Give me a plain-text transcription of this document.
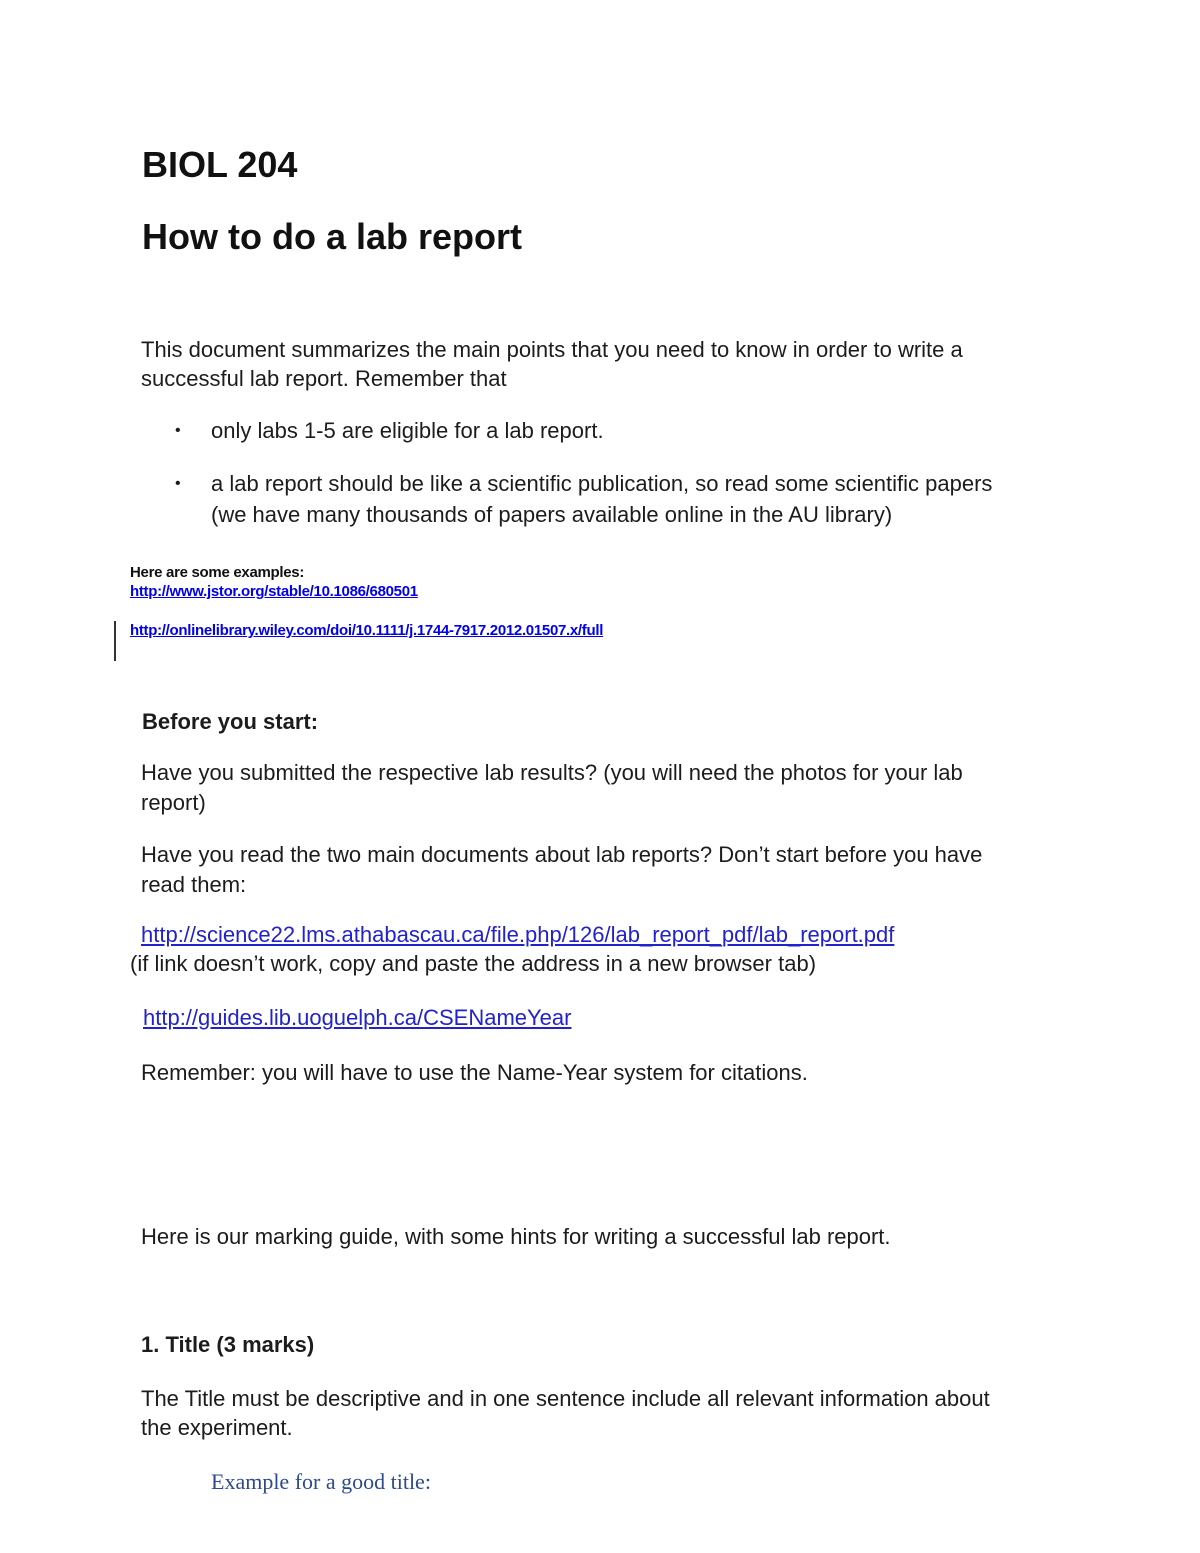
BIOL 204
How to do a lab report
This document summarizes the main points that you need to know in order to write a
successful lab report. Remember that
• only labs 1-5 are eligible for a lab report.
• a lab report should be like a scientific publication, so read some scientific papers
(we have many thousands of papers available online in the AU library)
Here are some examples:
http://www.jstor.org/stable/10.1086/680501
http://onlinelibrary.wiley.com/doi/10.1111/j.1744-7917.2012.01507.x/full
Before you start:
Have you submitted the respective lab results? (you will need the photos for your lab
report)
Have you read the two main documents about lab reports? Don’t start before you have
read them:
http://science22.lms.athabascau.ca/file.php/126/lab_report_pdf/lab_report.pdf
(if link doesn’t work, copy and paste the address in a new browser tab)
http://guides.lib.uoguelph.ca/CSENameYear
Remember: you will have to use the Name-Year system for citations.
Here is our marking guide, with some hints for writing a successful lab report.
1. Title (3 marks)
The Title must be descriptive and in one sentence include all relevant information about
the experiment.
Example for a good title:
